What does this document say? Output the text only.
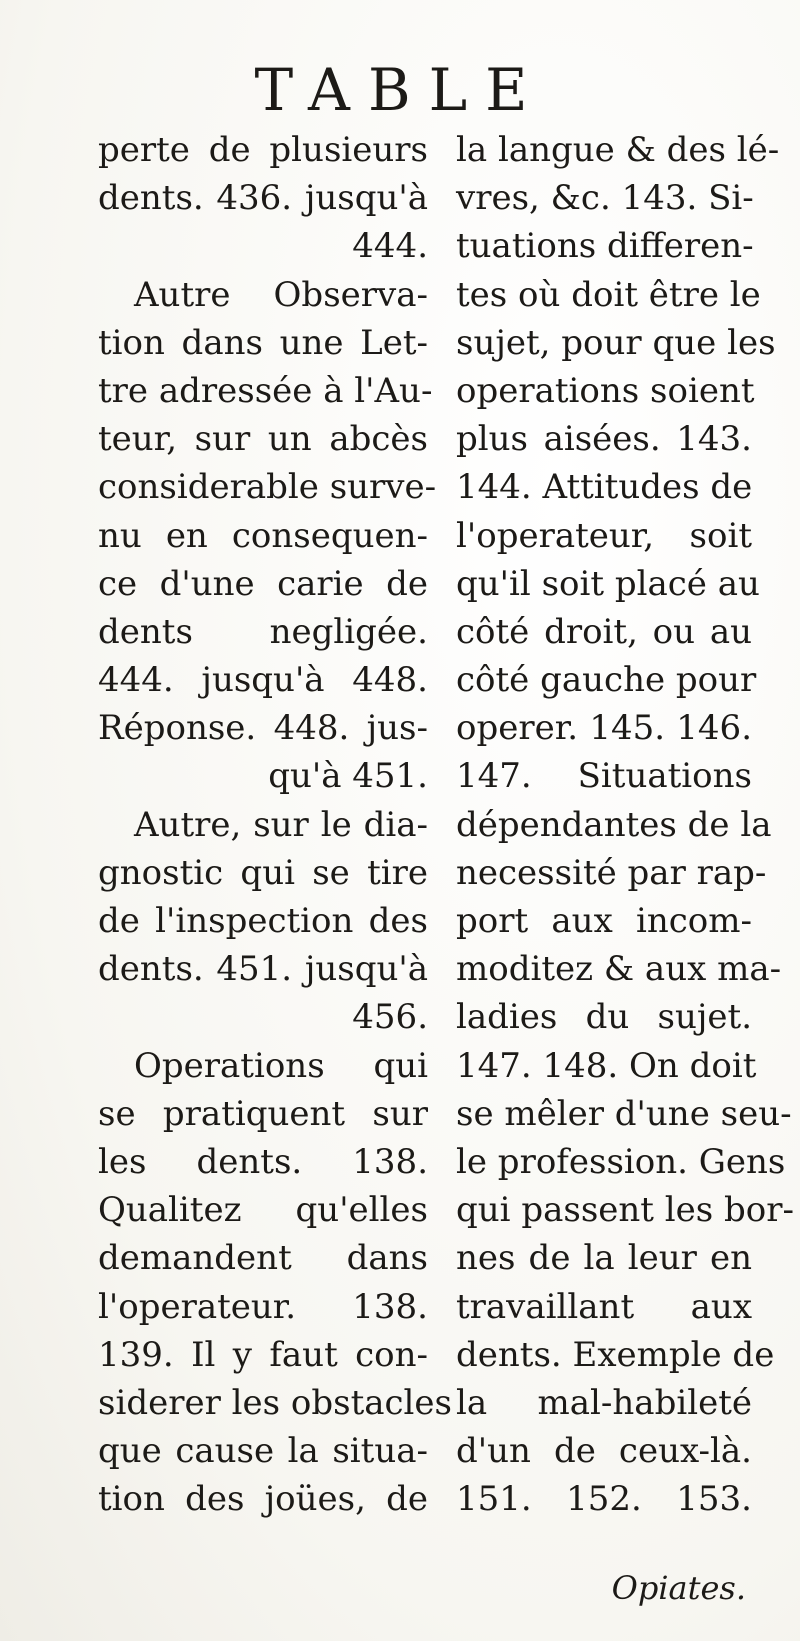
TABLE
perte de plusieurs
dents. 436. jusqu'à
444.
Autre Observa-
tion dans une Let-
tre adressée à l'Au-
teur, sur un abcès
considerable surve-
nu en consequen-
ce d'une carie de
dents negligée.
444. jusqu'à 448.
Réponse. 448. jus-
qu'à 451.
Autre, sur le dia-
gnostic qui se tire
de l'inspection des
dents. 451. jusqu'à
456.
Operations qui
se pratiquent sur
les dents. 138.
Qualitez qu'elles
demandent dans
l'operateur. 138.
139. Il y faut con-
siderer les obstacles
que cause la situa-
tion des joües, de
la langue & des lé-
vres, &c. 143. Si-
tuations differen-
tes où doit être le
sujet, pour que les
operations soient
plus aisées. 143.
144. Attitudes de
l'operateur, soit
qu'il soit placé au
côté droit, ou au
côté gauche pour
operer. 145. 146.
147. Situations
dépendantes de la
necessité par rap-
port aux incom-
moditez & aux ma-
ladies du sujet.
147. 148. On doit
se mêler d'une seu-
le profession. Gens
qui passent les bor-
nes de la leur en
travaillant aux
dents. Exemple de
la mal-habileté
d'un de ceux-là.
151. 152. 153.
Opiates.
